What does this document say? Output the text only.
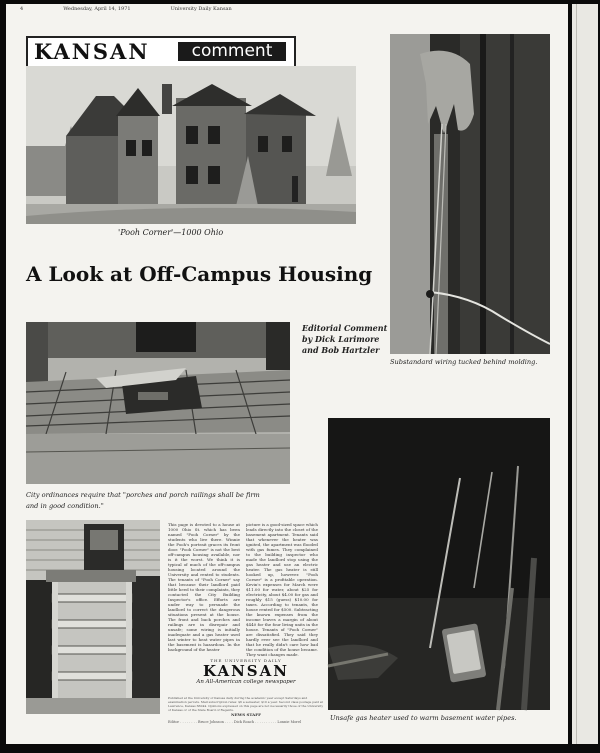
4	Wednesday, April 14, 1971	University Daily Kansan
KANSAN	comment
'Pooh Corner'—1000 Ohio
Substandard wiring tucked behind molding.
A Look at Off-Campus Housing
City ordinances require that "porches and porch railings shall be firm and in good condition."
Editorial Comment
by Dick Larimore
and Bob Hartzler
Unsafe gas heater used to warm basement water pipes.
This page is devoted to a house at 1000 Ohio St. which has been named "Pooh Corner" by the students who live there. Winnie the Pooh's portrait graces its front door. "Pooh Corner" is not the best off-campus housing available, nor is it the worst. We think it is typical of much of the off-campus housing located around the University and rented to students. The tenants of "Pooh Corner" say that because their landlord paid little heed to their complaints, they contacted the City Building Inspector's office. Efforts are under way to persuade the landlord to correct the dangerous situations present at the house. The front and back porches and railings are in disrepair and unsafe; some wiring is initially inadequate and a gas heater used last winter to heat water pipes in the basement is hazardous. In the background of the heater
picture is a good-sized space which leads directly into the closet of the basement apartment. Tenants said that whenever the heater was ignited, the apartment was flooded with gas fumes. They complained to the building inspector who made the landlord stop using the gas heater and use an electric heater. The gas heater is still hooked up, however. "Pooh Corner" is a profitable operation. Kevin's expenses for March were $11.00 for water, about $25 for electricity, about $4.00 for gas and roughly $15 (guess) $10.00 for taxes. According to tenants, the house rented for $500. Subtracting the known expenses from the income leaves a margin of about $440 for the four living units in the house. Tenants of "Pooh Corner" are dissatisfied. They said they hardly ever see the landlord and that he really didn't care how bad the condition of the house became. They want changes made.
THE UNIVERSITY DAILY
KANSAN
An All-American college newspaper
Published at the University of Kansas daily during the academic year except Saturdays and examination periods. Mail subscription rates: $6 a semester, $10 a year. Second class postage paid at Lawrence, Kansas 66044. Opinions expressed on this page are not necessarily those of the University of Kansas or of the State Board of Regents.
NEWS STAFF
Editor . . . . . . . . Bruce Johnson . . . . Dick Roach . . . . . . . . . . Lonnie Morel
